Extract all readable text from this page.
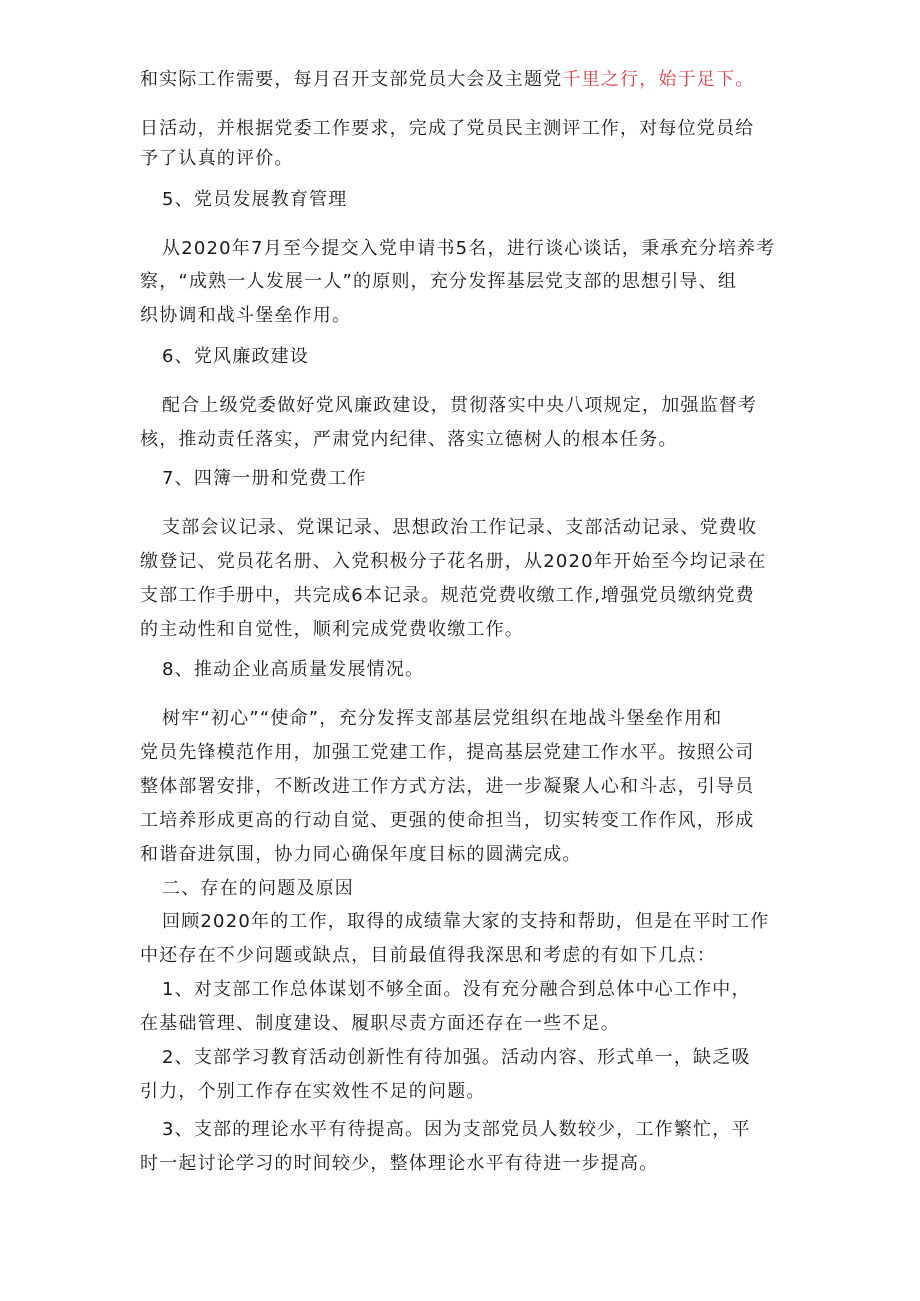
和实际工作需要，每月召开支部党员大会及主题党千里之行，始于足下。
日活动，并根据党委工作要求，完成了党员民主测评工作，对每位党员给
予了认真的评价。
5、党员发展教育管理
从2020年7月至今提交入党申请书5名，进行谈心谈话，秉承充分培养考
察，“成熟一人发展一人”的原则，充分发挥基层党支部的思想引导、组
织协调和战斗堡垒作用。
6、党风廉政建设
配合上级党委做好党风廉政建设，贯彻落实中央八项规定，加强监督考
核，推动责任落实，严肃党内纪律、落实立德树人的根本任务。
7、四簿一册和党费工作
支部会议记录、党课记录、思想政治工作记录、支部活动记录、党费收
缴登记、党员花名册、入党积极分子花名册，从2020年开始至今均记录在
支部工作手册中，共完成6本记录。规范党费收缴工作,增强党员缴纳党费
的主动性和自觉性，顺利完成党费收缴工作。
8、推动企业高质量发展情况。
树牢“初心”“使命”，充分发挥支部基层党组织在地战斗堡垒作用和
党员先锋模范作用，加强工党建工作，提高基层党建工作水平。按照公司
整体部署安排，不断改进工作方式方法，进一步凝聚人心和斗志，引导员
工培养形成更高的行动自觉、更强的使命担当，切实转变工作作风，形成
和谐奋进氛围，协力同心确保年度目标的圆满完成。
二、存在的问题及原因
回顾2020年的工作，取得的成绩靠大家的支持和帮助，但是在平时工作
中还存在不少问题或缺点，目前最值得我深思和考虑的有如下几点：
1、对支部工作总体谋划不够全面。没有充分融合到总体中心工作中，
在基础管理、制度建设、履职尽责方面还存在一些不足。
2、支部学习教育活动创新性有待加强。活动内容、形式单一，缺乏吸
引力，个别工作存在实效性不足的问题。
3、支部的理论水平有待提高。因为支部党员人数较少，工作繁忙，平
时一起讨论学习的时间较少，整体理论水平有待进一步提高。
